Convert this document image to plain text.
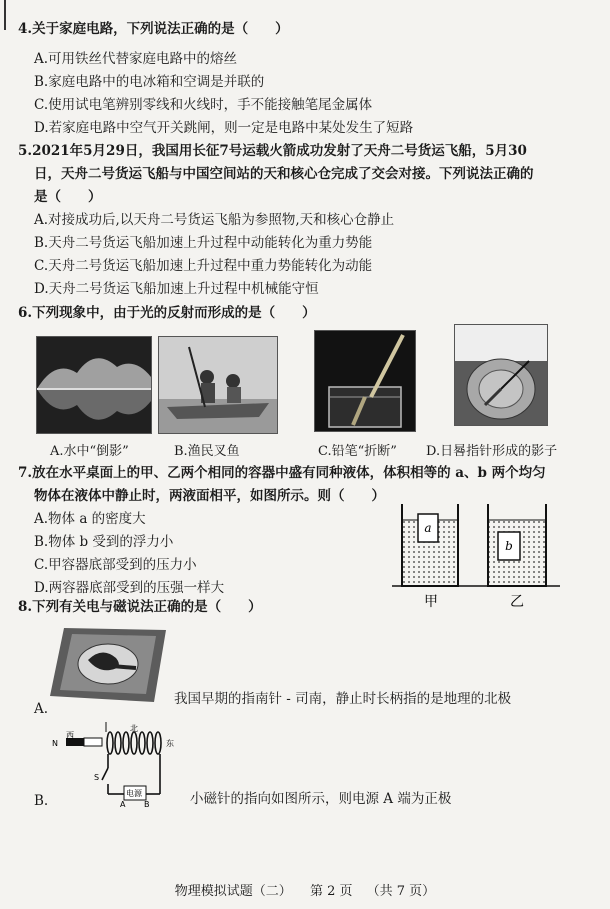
4.关于家庭电路，下列说法正确的是（　　）
A.可用铁丝代替家庭电路中的熔丝
B.家庭电路中的电冰箱和空调是并联的
C.使用试电笔辨别零线和火线时，手不能接触笔尾金属体
D.若家庭电路中空气开关跳闸，则一定是电路中某处发生了短路
5.2021年5月29日，我国用长征7号运载火箭成功发射了天舟二号货运飞船，5月30
日，天舟二号货运飞船与中国空间站的天和核心仓完成了交会对接。下列说法正确的
是（　　）
A.对接成功后,以天舟二号货运飞船为参照物,天和核心仓静止
B.天舟二号货运飞船加速上升过程中动能转化为重力势能
C.天舟二号货运飞船加速上升过程中重力势能转化为动能
D.天舟二号货运飞船加速上升过程中机械能守恒
6.下列现象中，由于光的反射而形成的是（　　）
A.水中“倒影”	B.渔民叉鱼	C.铅笔“折断” D.日晷指针形成的影子
7.放在水平桌面上的甲、乙两个相同的容器中盛有同种液体，体积相等的 a、b 两个均匀
物体在液体中静止时，两液面相平，如图所示。则（　　）
A.物体 a 的密度大
B.物体 b 受到的浮力小
C.甲容器底部受到的压力小
D.两容器底部受到的压强一样大
a
b
甲	乙
8.下列有关电与磁说法正确的是（　　）
A.
我国早期的指南针 - 司南，静止时长柄指的是地理的北极
西
北
东
N
S
电源
A B
B.	小磁针的指向如图所示，则电源 A 端为正极
物理模拟试题（二） 第 2 页 （共 7 页）
